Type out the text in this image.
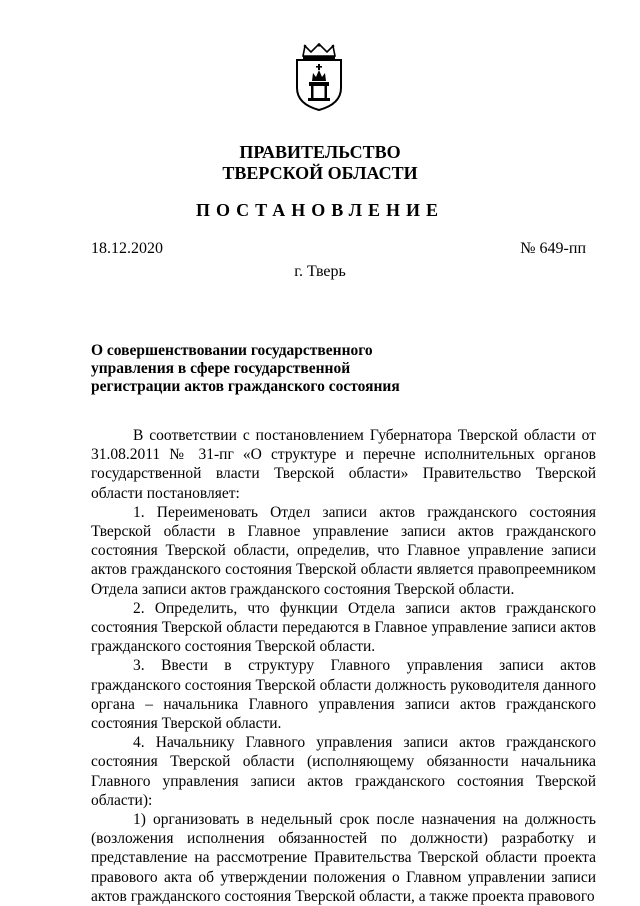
ПРАВИТЕЛЬСТВО
ТВЕРСКОЙ ОБЛАСТИ
ПОСТАНОВЛЕНИЕ
18.12.2020	№ 649-пп
г. Тверь
О совершенствовании государственного
управления в сфере государственной
регистрации актов гражданского состояния

В соответствии с постановлением Губернатора Тверской области от 31.08.2011 № 31-пг «О структуре и перечне исполнительных органов государственной власти Тверской области» Правительство Тверской области постановляет:

1. Переименовать Отдел записи актов гражданского состояния Тверской области в Главное управление записи актов гражданского состояния Тверской области, определив, что Главное управление записи актов гражданского состояния Тверской области является правопреемником Отдела записи актов гражданского состояния Тверской области.

2. Определить, что функции Отдела записи актов гражданского состояния Тверской области передаются в Главное управление записи актов гражданского состояния Тверской области.

3. Ввести в структуру Главного управления записи актов гражданского состояния Тверской области должность руководителя данного органа – начальника Главного управления записи актов гражданского состояния Тверской области.

4. Начальнику Главного управления записи актов гражданского состояния Тверской области (исполняющему обязанности начальника Главного управления записи актов гражданского состояния Тверской области):

1) организовать в недельный срок после назначения на должность (возложения исполнения обязанностей по должности) разработку и представление на рассмотрение Правительства Тверской области проекта правового акта об утверждении положения о Главном управлении записи актов гражданского состояния Тверской области, а также проекта правового
